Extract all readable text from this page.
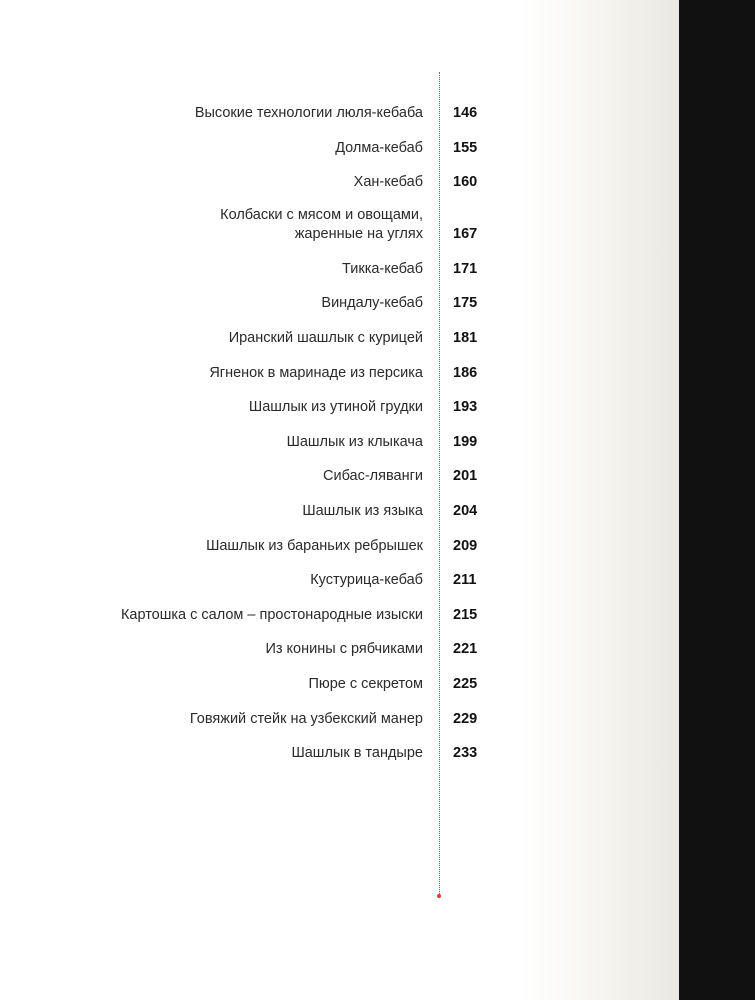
Высокие технологии люля-кебаба 146
Долма-кебаб 155
Хан-кебаб 160
Колбаски с мясом и овощами,
жаренные на углях 167
Тикка-кебаб 171
Виндалу-кебаб 175
Иранский шашлык с курицей 181
Ягненок в маринаде из персика 186
Шашлык из утиной грудки 193
Шашлык из клыкача 199
Сибас-ляванги 201
Шашлык из языка 204
Шашлык из бараньих ребрышек 209
Кустурица-кебаб 211
Картошка с салом – простонародные изыски 215
Из конины с рябчиками 221
Пюре с секретом 225
Говяжий стейк на узбекский манер 229
Шашлык в тандыре 233
